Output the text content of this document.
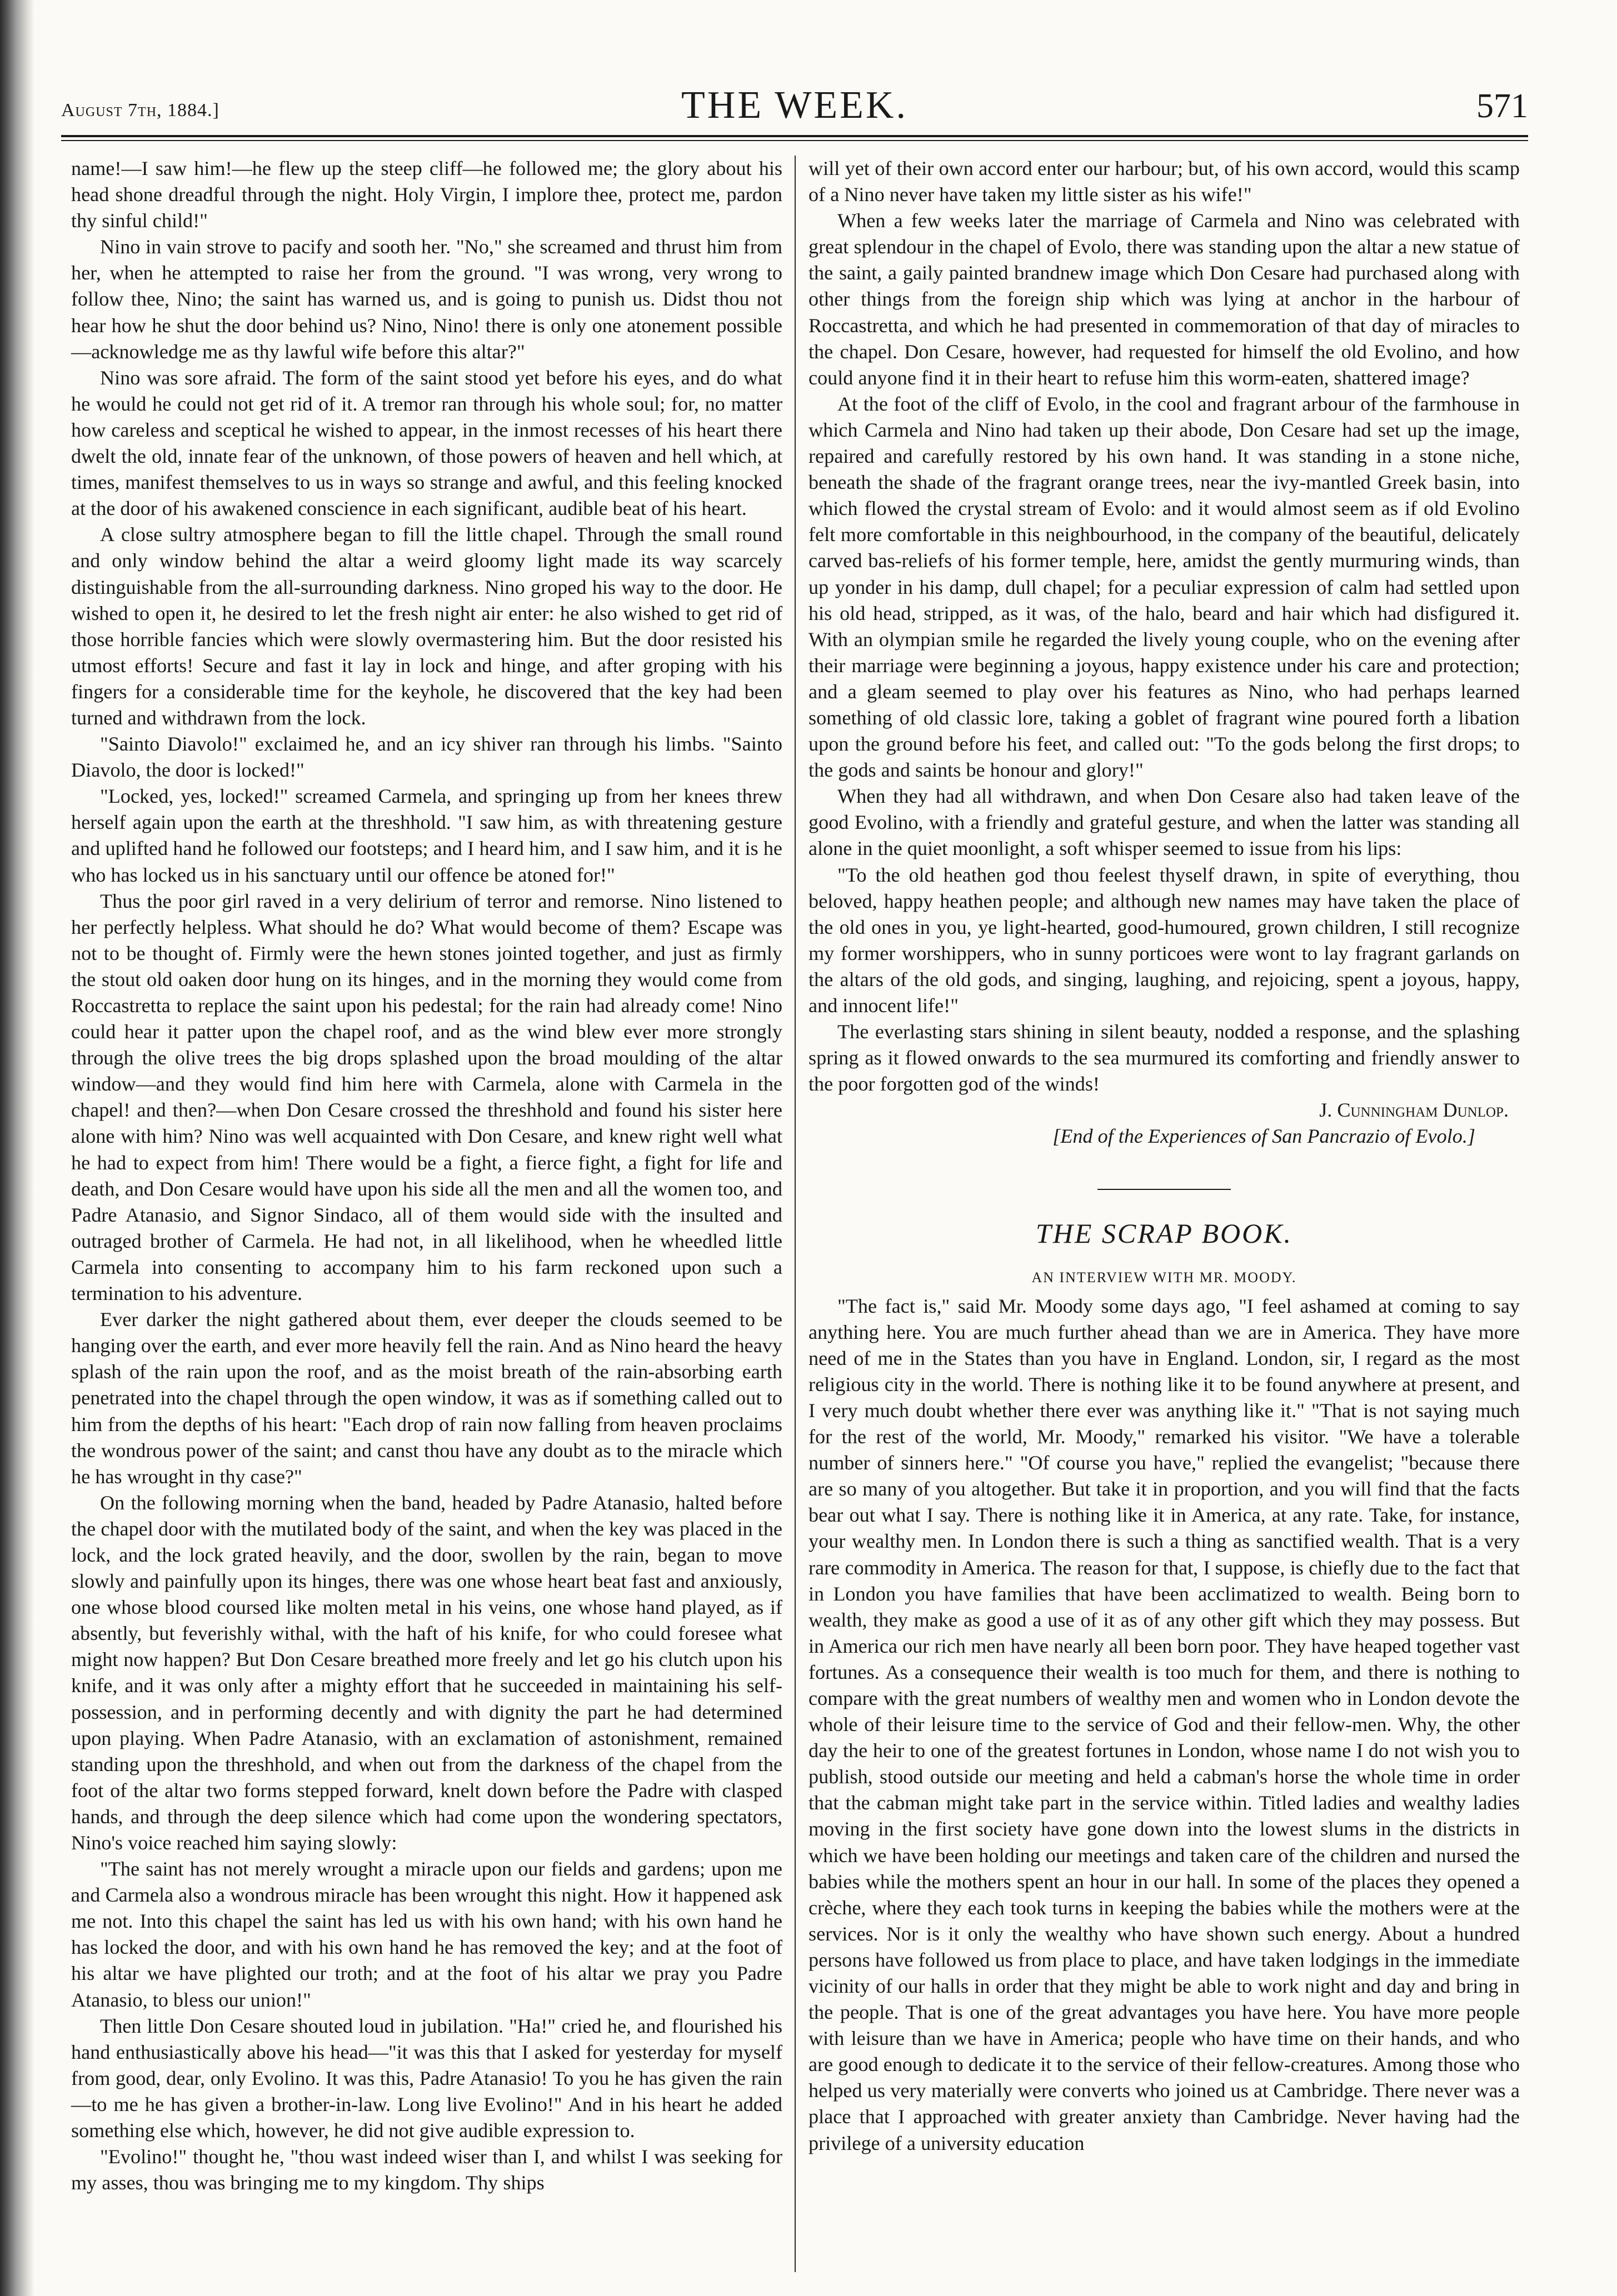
August 7th, 1884.]	THE WEEK.	571

name!—I saw him!—he flew up the steep cliff—he followed me; the glory about his head shone dreadful through the night. Holy Virgin, I implore thee, protect me, pardon thy sinful child!"

Nino in vain strove to pacify and sooth her. "No," she screamed and thrust him from her, when he attempted to raise her from the ground. "I was wrong, very wrong to follow thee, Nino; the saint has warned us, and is going to punish us. Didst thou not hear how he shut the door behind us? Nino, Nino! there is only one atonement possible—acknowledge me as thy lawful wife before this altar?"

Nino was sore afraid. The form of the saint stood yet before his eyes, and do what he would he could not get rid of it. A tremor ran through his whole soul; for, no matter how careless and sceptical he wished to appear, in the inmost recesses of his heart there dwelt the old, innate fear of the unknown, of those powers of heaven and hell which, at times, manifest themselves to us in ways so strange and awful, and this feeling knocked at the door of his awakened conscience in each significant, audible beat of his heart.

A close sultry atmosphere began to fill the little chapel. Through the small round and only window behind the altar a weird gloomy light made its way scarcely distinguishable from the all-surrounding darkness. Nino groped his way to the door. He wished to open it, he desired to let the fresh night air enter: he also wished to get rid of those horrible fancies which were slowly overmastering him. But the door resisted his utmost efforts! Secure and fast it lay in lock and hinge, and after groping with his fingers for a considerable time for the keyhole, he discovered that the key had been turned and withdrawn from the lock.

"Sainto Diavolo!" exclaimed he, and an icy shiver ran through his limbs. "Sainto Diavolo, the door is locked!"

"Locked, yes, locked!" screamed Carmela, and springing up from her knees threw herself again upon the earth at the threshhold. "I saw him, as with threatening gesture and uplifted hand he followed our footsteps; and I heard him, and I saw him, and it is he who has locked us in his sanctuary until our offence be atoned for!"

Thus the poor girl raved in a very delirium of terror and remorse. Nino listened to her perfectly helpless. What should he do? What would become of them? Escape was not to be thought of. Firmly were the hewn stones jointed together, and just as firmly the stout old oaken door hung on its hinges, and in the morning they would come from Roccastretta to replace the saint upon his pedestal; for the rain had already come! Nino could hear it patter upon the chapel roof, and as the wind blew ever more strongly through the olive trees the big drops splashed upon the broad moulding of the altar window—and they would find him here with Carmela, alone with Carmela in the chapel! and then?—when Don Cesare crossed the threshhold and found his sister here alone with him? Nino was well acquainted with Don Cesare, and knew right well what he had to expect from him! There would be a fight, a fierce fight, a fight for life and death, and Don Cesare would have upon his side all the men and all the women too, and Padre Atanasio, and Signor Sindaco, all of them would side with the insulted and outraged brother of Carmela. He had not, in all likelihood, when he wheedled little Carmela into consenting to accompany him to his farm reckoned upon such a termination to his adventure.

Ever darker the night gathered about them, ever deeper the clouds seemed to be hanging over the earth, and ever more heavily fell the rain. And as Nino heard the heavy splash of the rain upon the roof, and as the moist breath of the rain-absorbing earth penetrated into the chapel through the open window, it was as if something called out to him from the depths of his heart: "Each drop of rain now falling from heaven proclaims the wondrous power of the saint; and canst thou have any doubt as to the miracle which he has wrought in thy case?"

On the following morning when the band, headed by Padre Atanasio, halted before the chapel door with the mutilated body of the saint, and when the key was placed in the lock, and the lock grated heavily, and the door, swollen by the rain, began to move slowly and painfully upon its hinges, there was one whose heart beat fast and anxiously, one whose blood coursed like molten metal in his veins, one whose hand played, as if absently, but feverishly withal, with the haft of his knife, for who could foresee what might now happen? But Don Cesare breathed more freely and let go his clutch upon his knife, and it was only after a mighty effort that he succeeded in maintaining his self-possession, and in performing decently and with dignity the part he had determined upon playing. When Padre Atanasio, with an exclamation of astonishment, remained standing upon the threshhold, and when out from the darkness of the chapel from the foot of the altar two forms stepped forward, knelt down before the Padre with clasped hands, and through the deep silence which had come upon the wondering spectators, Nino's voice reached him saying slowly:

"The saint has not merely wrought a miracle upon our fields and gardens; upon me and Carmela also a wondrous miracle has been wrought this night. How it happened ask me not. Into this chapel the saint has led us with his own hand; with his own hand he has locked the door, and with his own hand he has removed the key; and at the foot of his altar we have plighted our troth; and at the foot of his altar we pray you Padre Atanasio, to bless our union!"

Then little Don Cesare shouted loud in jubilation. "Ha!" cried he, and flourished his hand enthusiastically above his head—"it was this that I asked for yesterday for myself from good, dear, only Evolino. It was this, Padre Atanasio! To you he has given the rain—to me he has given a brother-in-law. Long live Evolino!" And in his heart he added something else which, however, he did not give audible expression to.

"Evolino!" thought he, "thou wast indeed wiser than I, and whilst I was seeking for my asses, thou was bringing me to my kingdom. Thy ships

will yet of their own accord enter our harbour; but, of his own accord, would this scamp of a Nino never have taken my little sister as his wife!"

When a few weeks later the marriage of Carmela and Nino was celebrated with great splendour in the chapel of Evolo, there was standing upon the altar a new statue of the saint, a gaily painted brandnew image which Don Cesare had purchased along with other things from the foreign ship which was lying at anchor in the harbour of Roccastretta, and which he had presented in commemoration of that day of miracles to the chapel. Don Cesare, however, had requested for himself the old Evolino, and how could anyone find it in their heart to refuse him this worm-eaten, shattered image?

At the foot of the cliff of Evolo, in the cool and fragrant arbour of the farmhouse in which Carmela and Nino had taken up their abode, Don Cesare had set up the image, repaired and carefully restored by his own hand. It was standing in a stone niche, beneath the shade of the fragrant orange trees, near the ivy-mantled Greek basin, into which flowed the crystal stream of Evolo: and it would almost seem as if old Evolino felt more comfortable in this neighbourhood, in the company of the beautiful, delicately carved bas-reliefs of his former temple, here, amidst the gently murmuring winds, than up yonder in his damp, dull chapel; for a peculiar expression of calm had settled upon his old head, stripped, as it was, of the halo, beard and hair which had disfigured it. With an olympian smile he regarded the lively young couple, who on the evening after their marriage were beginning a joyous, happy existence under his care and protection; and a gleam seemed to play over his features as Nino, who had perhaps learned something of old classic lore, taking a goblet of fragrant wine poured forth a libation upon the ground before his feet, and called out: "To the gods belong the first drops; to the gods and saints be honour and glory!"

When they had all withdrawn, and when Don Cesare also had taken leave of the good Evolino, with a friendly and grateful gesture, and when the latter was standing all alone in the quiet moonlight, a soft whisper seemed to issue from his lips:

"To the old heathen god thou feelest thyself drawn, in spite of everything, thou beloved, happy heathen people; and although new names may have taken the place of the old ones in you, ye light-hearted, good-humoured, grown children, I still recognize my former worshippers, who in sunny porticoes were wont to lay fragrant garlands on the altars of the old gods, and singing, laughing, and rejoicing, spent a joyous, happy, and innocent life!"

The everlasting stars shining in silent beauty, nodded a response, and the splashing spring as it flowed onwards to the sea murmured its comforting and friendly answer to the poor forgotten god of the winds!

J. Cunningham Dunlop.
[End of the Experiences of San Pancrazio of Evolo.]
THE SCRAP BOOK.
AN INTERVIEW WITH MR. MOODY.

"The fact is," said Mr. Moody some days ago, "I feel ashamed at coming to say anything here. You are much further ahead than we are in America. They have more need of me in the States than you have in England. London, sir, I regard as the most religious city in the world. There is nothing like it to be found anywhere at present, and I very much doubt whether there ever was anything like it." "That is not saying much for the rest of the world, Mr. Moody," remarked his visitor. "We have a tolerable number of sinners here." "Of course you have," replied the evangelist; "because there are so many of you altogether. But take it in proportion, and you will find that the facts bear out what I say. There is nothing like it in America, at any rate. Take, for instance, your wealthy men. In London there is such a thing as sanctified wealth. That is a very rare commodity in America. The reason for that, I suppose, is chiefly due to the fact that in London you have families that have been acclimatized to wealth. Being born to wealth, they make as good a use of it as of any other gift which they may possess. But in America our rich men have nearly all been born poor. They have heaped together vast fortunes. As a consequence their wealth is too much for them, and there is nothing to compare with the great numbers of wealthy men and women who in London devote the whole of their leisure time to the service of God and their fellow-men. Why, the other day the heir to one of the greatest fortunes in London, whose name I do not wish you to publish, stood outside our meeting and held a cabman's horse the whole time in order that the cabman might take part in the service within. Titled ladies and wealthy ladies moving in the first society have gone down into the lowest slums in the districts in which we have been holding our meetings and taken care of the children and nursed the babies while the mothers spent an hour in our hall. In some of the places they opened a crèche, where they each took turns in keeping the babies while the mothers were at the services. Nor is it only the wealthy who have shown such energy. About a hundred persons have followed us from place to place, and have taken lodgings in the immediate vicinity of our halls in order that they might be able to work night and day and bring in the people. That is one of the great advantages you have here. You have more people with leisure than we have in America; people who have time on their hands, and who are good enough to dedicate it to the service of their fellow-creatures. Among those who helped us very materially were converts who joined us at Cambridge. There never was a place that I approached with greater anxiety than Cambridge. Never having had the privilege of a university education
